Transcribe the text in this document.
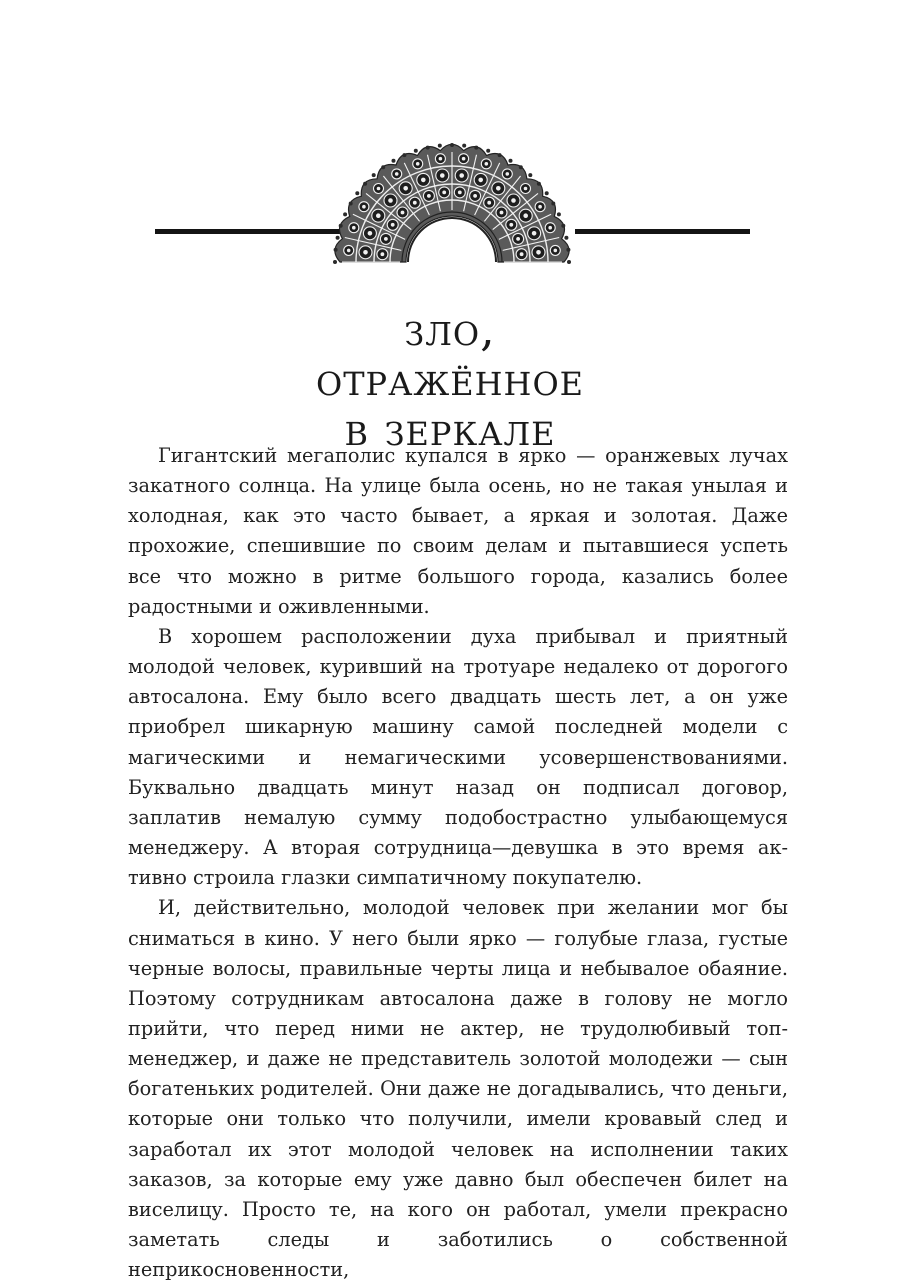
зло,
отражённое
в зеркале

Гигантский мегаполис купался в ярко — оранжевых лучах закатного солнца. На улице была осень, но не такая унылая и холодная, как это часто бывает, а яркая и золотая. Даже прохожие, спешившие по своим делам и пытавшиеся успеть все что можно в ритме большого города, казались более радостными и оживленными.

В хорошем расположении духа прибывал и приятный молодой человек, куривший на тротуаре недалеко от дорогого автосалона. Ему было всего двадцать шесть лет, а он уже приобрел шикарную машину самой последней модели с магическими и немагическими усовершенствованиями. Буквально двадцать минут назад он подписал договор, заплатив немалую сумму подобострастно улыбающемуся менеджеру. А вторая сотрудница—девушка в это время активно строила глазки симпатичному покупателю.

И, действительно, молодой человек при желании мог бы сниматься в кино. У него были ярко — голубые глаза, густые черные волосы, правильные черты лица и небывалое обаяние. Поэтому сотрудникам автосалона даже в голову не могло прийти, что перед ними не актер, не трудолюбивый топ-менеджер, и даже не представитель золотой молодежи — сын богатеньких родителей. Они даже не догадывались, что деньги, которые они только что получили, имели кровавый след и заработал их этот молодой человек на исполнении таких заказов, за которые ему уже давно был обеспечен билет на виселицу. Просто те, на кого он работал, умели прекрасно заметать следы и заботились о собственной неприкосновенности,
